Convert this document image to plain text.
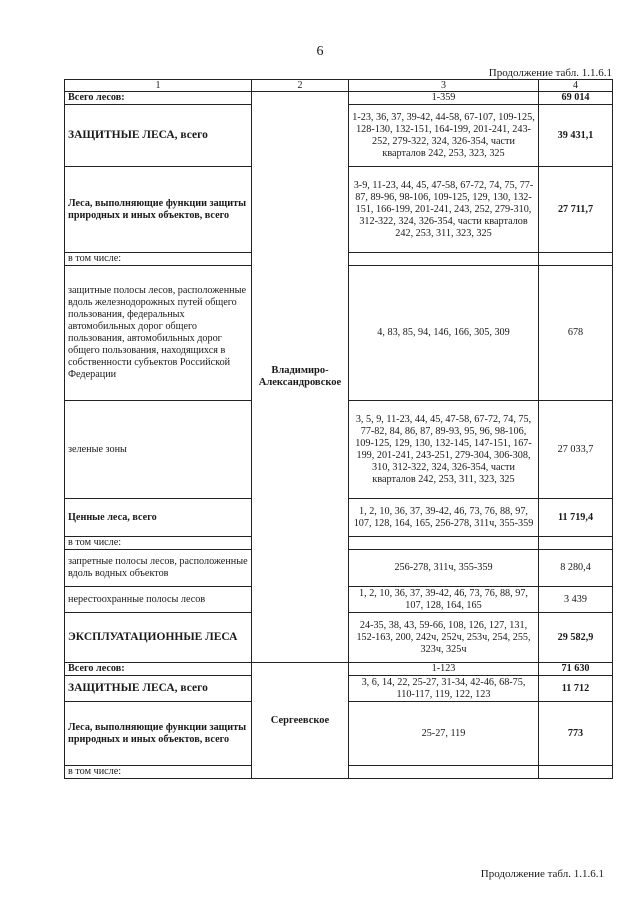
6
Продолжение табл. 1.1.6.1
1	2	3	4
Всего лесов:	Владимиро-Александровское	1-359	69 014
ЗАЩИТНЫЕ ЛЕСА, всего		1-23, 36, 37, 39-42, 44-58, 67-107, 109-125, 128-130, 132-151, 164-199, 201-241, 243-252, 279-322, 324, 326-354, части кварталов 242, 253, 323, 325	39 431,1
Леса, выполняющие функции защиты природных и иных объектов, всего		3-9, 11-23, 44, 45, 47-58, 67-72, 74, 75, 77-87, 89-96, 98-106, 109-125, 129, 130, 132-151, 166-199, 201-241, 243, 252, 279-310, 312-322, 324, 326-354, части кварталов 242, 253, 311, 323, 325	27 711,7
в том числе:			
защитные полосы лесов, расположенные вдоль железнодорожных путей общего пользования, федеральных автомобильных дорог общего пользования, автомобильных дорог общего пользования, находящихся в собственности субъектов Российской Федерации		4, 83, 85, 94, 146, 166, 305, 309	678
зеленые зоны		3, 5, 9, 11-23, 44, 45, 47-58, 67-72, 74, 75, 77-82, 84, 86, 87, 89-93, 95, 96, 98-106, 109-125, 129, 130, 132-145, 147-151, 167-199, 201-241, 243-251, 279-304, 306-308, 310, 312-322, 324, 326-354, части кварталов 242, 253, 311, 323, 325	27 033,7
Ценные леса, всего		1, 2, 10, 36, 37, 39-42, 46, 73, 76, 88, 97, 107, 128, 164, 165, 256-278, 311ч, 355-359	11 719,4
в том числе:			
запретные полосы лесов, расположенные вдоль водных объектов		256-278, 311ч, 355-359	8 280,4
нерестоохранные полосы лесов		1, 2, 10, 36, 37, 39-42, 46, 73, 76, 88, 97, 107, 128, 164, 165	3 439
ЭКСПЛУАТАЦИОННЫЕ ЛЕСА		24-35, 38, 43, 59-66, 108, 126, 127, 131, 152-163, 200, 242ч, 252ч, 253ч, 254, 255, 323ч, 325ч	29 582,9
Всего лесов:	Сергеевское	1-123	71 630
ЗАЩИТНЫЕ ЛЕСА, всего		3, 6, 14, 22, 25-27, 31-34, 42-46, 68-75, 110-117, 119, 122, 123	11 712
Леса, выполняющие функции защиты природных и иных объектов, всего		25-27, 119	773
в том числе:			
Продолжение табл. 1.1.6.1
